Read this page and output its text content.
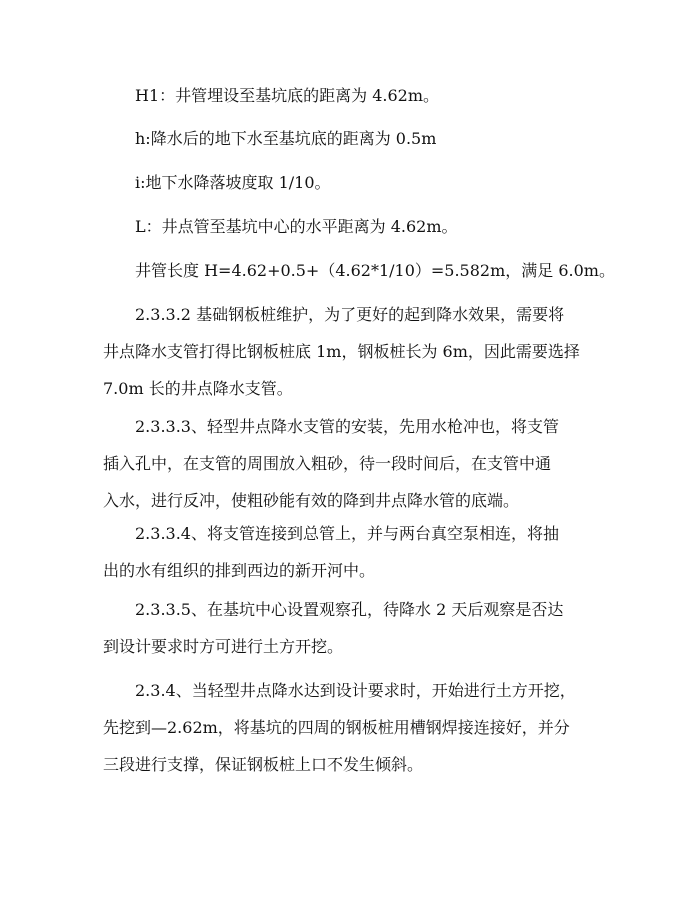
H1：井管埋设至基坑底的距离为 4.62m。

h:降水后的地下水至基坑底的距离为 0.5m

i:地下水降落坡度取 1/10。

L：井点管至基坑中心的水平距离为 4.62m。

井管长度 H=4.62+0.5+（4.62*1/10）=5.582m，满足 6.0m。

2.3.3.2 基础钢板桩维护，为了更好的起到降水效果，需要将
井点降水支管打得比钢板桩底 1m，钢板桩长为 6m，因此需要选择
7.0m 长的井点降水支管。
2.3.3.3、轻型井点降水支管的安装，先用水枪冲也，将支管
插入孔中，在支管的周围放入粗砂，待一段时间后，在支管中通
入水，进行反冲，使粗砂能有效的降到井点降水管的底端。
2.3.3.4、将支管连接到总管上，并与两台真空泵相连，将抽
出的水有组织的排到西边的新开河中。
2.3.3.5、在基坑中心设置观察孔，待降水 2 天后观察是否达
到设计要求时方可进行土方开挖。
2.3.4、当轻型井点降水达到设计要求时，开始进行土方开挖，
先挖到—2.62m，将基坑的四周的钢板桩用槽钢焊接连接好，并分
三段进行支撑，保证钢板桩上口不发生倾斜。
